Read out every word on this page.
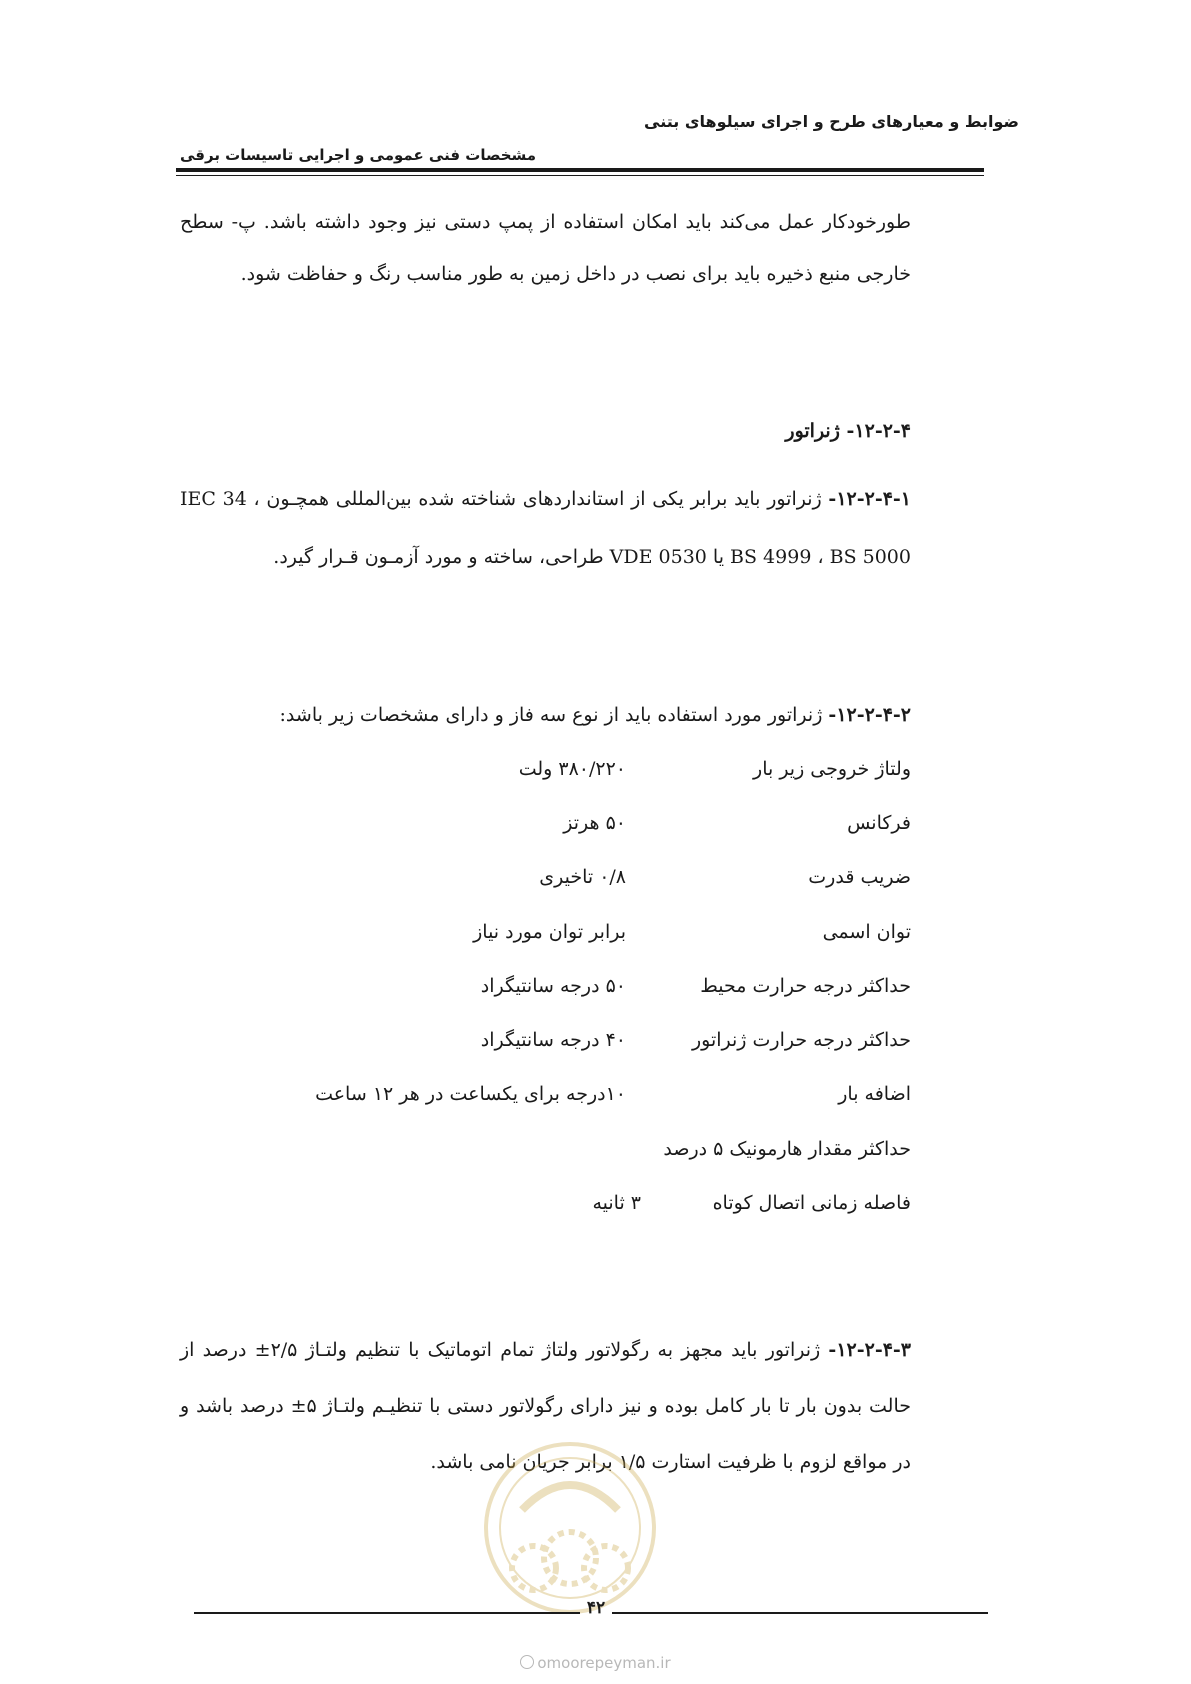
ضوابط و معیارهای طرح و اجرای سیلوهای بتنی
مشخصات فنی عمومی و اجرایی تاسیسات برقی
طورخودکار عمل می‌کند باید امکان استفاده از پمپ دستی نیز وجود داشته باشد. پ- سطح خارجی منبع ذخیره باید برای نصب در داخل زمین به طور مناسب رنگ و حفاظت شود.
۱۲-۲-۴- ژنراتور
۱۲-۲-۴-۱- ژنراتور باید برابر یکی از استانداردهای شناخته شده بین‌المللی همچـون IEC 34 ، BS 4999 ، BS 5000 یا VDE 0530 طراحی، ساخته و مورد آزمـون قـرار گیرد.
۱۲-۲-۴-۲- ژنراتور مورد استفاده باید از نوع سه فاز و دارای مشخصات زیر باشد:
ولتاژ خروجی زیر بار
۳۸۰/۲۲۰ ولت
فرکانس
۵۰ هرتز
ضریب قدرت
۰/۸ تاخیری
توان اسمی
برابر توان مورد نیاز
حداکثر درجه حرارت محیط
۵۰ درجه سانتیگراد
حداکثر درجه حرارت ژنراتور
۴۰ درجه سانتیگراد
اضافه بار
۱۰درجه برای یکساعت در هر ۱۲ ساعت
حداکثر مقدار هارمونیک ۵ درصد
فاصله زمانی اتصال کوتاه
۳ ثانیه
۱۲-۲-۴-۳- ژنراتور باید مجهز به رگولاتور ولتاژ تمام اتوماتیک با تنظیم ولتـاژ ۲/۵± درصد از حالت بدون بار تا بار کامل بوده و نیز دارای رگولاتور دستی با تنظیـم ولتـاژ ۵± درصد باشد و در مواقع لزوم با ظرفیت استارت ۱/۵ برابر جریان نامی باشد.
۴۲
omoorepeyman.ir
